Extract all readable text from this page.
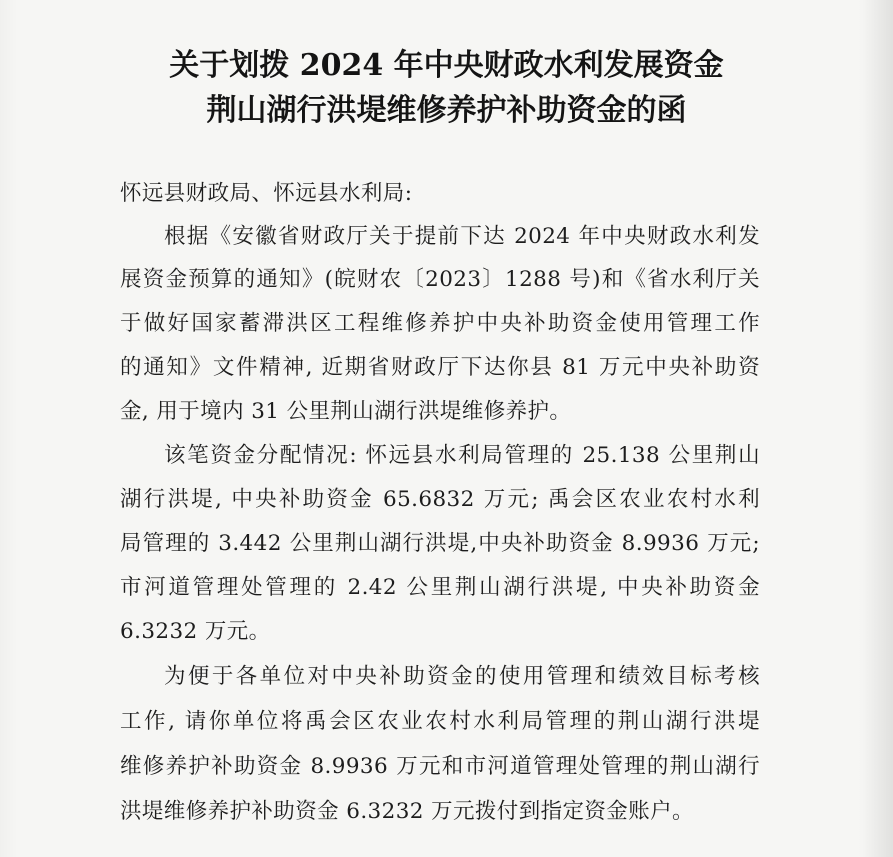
关于划拨 2024 年中央财政水利发展资金
荆山湖行洪堤维修养护补助资金的函
怀远县财政局、怀远县水利局:
根据《安徽省财政厅关于提前下达 2024 年中央财政水利发
展资金预算的通知》(皖财农〔2023〕1288 号)和《省水利厅关
于做好国家蓄滞洪区工程维修养护中央补助资金使用管理工作
的通知》文件精神, 近期省财政厅下达你县 81 万元中央补助资
金, 用于境内 31 公里荆山湖行洪堤维修养护。
该笔资金分配情况: 怀远县水利局管理的 25.138 公里荆山
湖行洪堤, 中央补助资金 65.6832 万元; 禹会区农业农村水利
局管理的 3.442 公里荆山湖行洪堤,中央补助资金 8.9936 万元;
市河道管理处管理的 2.42 公里荆山湖行洪堤, 中央补助资金
6.3232 万元。
为便于各单位对中央补助资金的使用管理和绩效目标考核
工作, 请你单位将禹会区农业农村水利局管理的荆山湖行洪堤
维修养护补助资金 8.9936 万元和市河道管理处管理的荆山湖行
洪堤维修养护补助资金 6.3232 万元拨付到指定资金账户。
